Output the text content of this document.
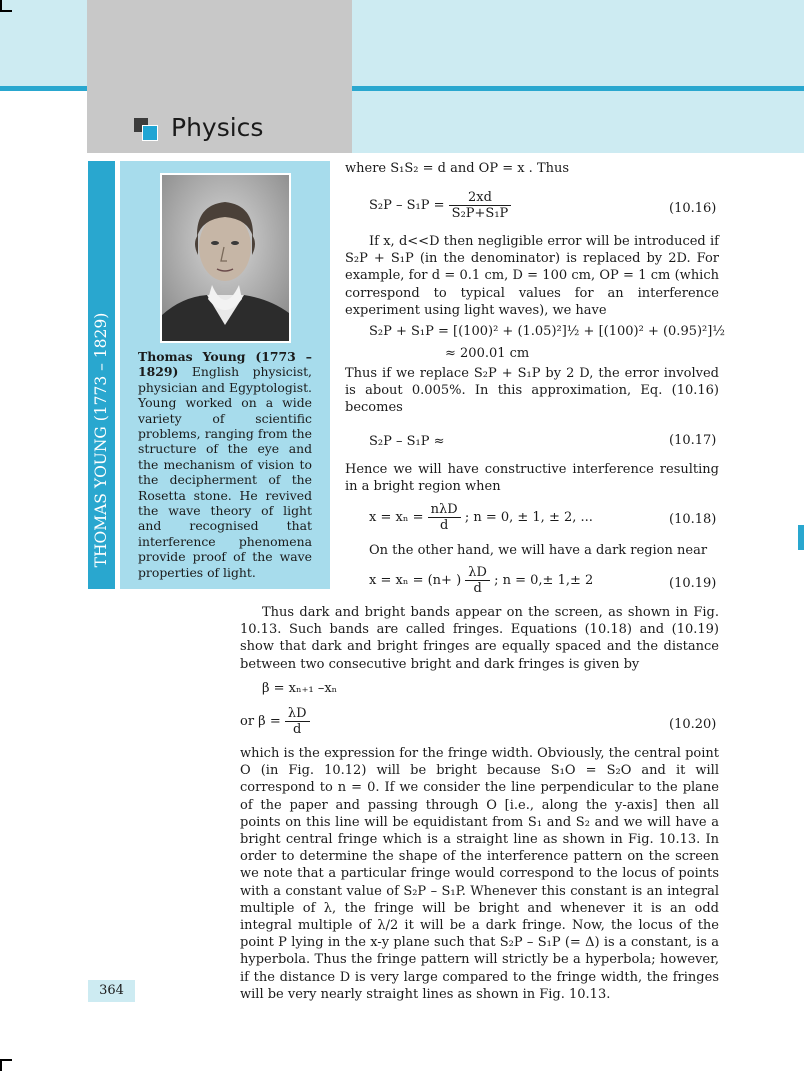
Physics
THOMAS YOUNG (1773 – 1829) Thomas Young (1773 – 1829) English physicist, physician and Egyptologist. Young worked on a wide variety of scientific problems, ranging from the structure of the eye and the mechanism of vision to the decipherment of the Rosetta stone. He revived the wave theory of light and recognised that interference phenomena provide proof of the wave properties of light.
where S₁S₂ = d and OP = x . Thus
$S_2P - S_1P = \frac{2xd}{\text{S₂P+S₁P}}$	(10.16)
If x, d<<D then negligible error will be introduced if S₂P + S₁P (in the denominator) is replaced by 2D. For example, for d = 0.1 cm, D = 100 cm, OP = 1 cm (which correspond to typical values for an interference experiment using light waves), we have
S₂P + S₁P = [(100)² + (1.05)²]½ + [(100)² + (0.95)²]½
≈ 200.01 cm
Thus if we replace S₂P + S₁P by 2 D, the error involved is about 0.005%. In this approximation, Eq. (10.16) becomes
S₂P – S₁P ≈	(10.17)
Hence we will have constructive interference resulting in a bright region when
$x = x_n = \frac{\text{nλD}}{d}$ ; n = 0, ± 1, ± 2, ...	(10.18)
On the other hand, we will have a dark region near
x = xₙ = (n+ ) $\frac{\lambda D}{d}$ ; n = 0,± 1,± 2	(10.19)
Thus dark and bright bands appear on the screen, as shown in Fig. 10.13. Such bands are called fringes. Equations (10.18) and (10.19) show that dark and bright fringes are equally spaced and the distance between two consecutive bright and dark fringes is given by
β = xₙ₊₁ –xₙ
or $\beta = \frac{\lambda D}{d}$	(10.20)
which is the expression for the fringe width. Obviously, the central point O (in Fig. 10.12) will be bright because S₁O = S₂O and it will correspond to n = 0. If we consider the line perpendicular to the plane of the paper and passing through O [i.e., along the y-axis] then all points on this line will be equidistant from S₁ and S₂ and we will have a bright central fringe which is a straight line as shown in Fig. 10.13. In order to determine the shape of the interference pattern on the screen we note that a particular fringe would correspond to the locus of points with a constant value of S₂P – S₁P. Whenever this constant is an integral multiple of λ, the fringe will be bright and whenever it is an odd integral multiple of λ/2 it will be a dark fringe. Now, the locus of the point P lying in the x-y plane such that S₂P – S₁P (= Δ) is a constant, is a hyperbola. Thus the fringe pattern will strictly be a hyperbola; however, if the distance D is very large compared to the fringe width, the fringes will be very nearly straight lines as shown in Fig. 10.13.
364
